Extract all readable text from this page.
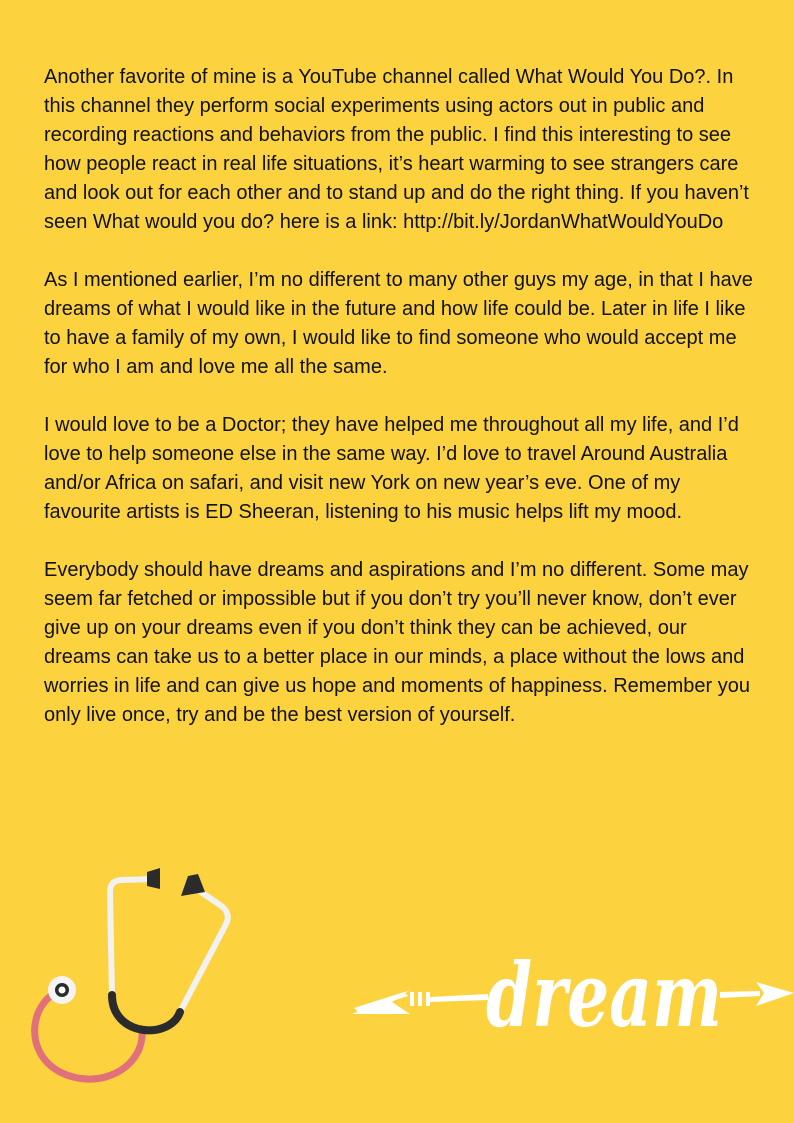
Another favorite of mine is a YouTube channel called What Would You Do?. In this channel they perform social experiments using actors out in public and recording reactions and behaviors from the public. I find this interesting to see how people react in real life situations, it’s heart warming to see strangers care and look out for each other and to stand up and do the right thing. If you haven’t seen What would you do? here is a link: http://bit.ly/JordanWhatWouldYouDo

As I mentioned earlier, I’m no different to many other guys my age, in that I have dreams of what I would like in the future and how life could be. Later in life I like to have a family of my own, I would like to find someone who would accept me for who I am and love me all the same.

I would love to be a Doctor; they have helped me throughout all my life, and I’d love to help someone else in the same way. I’d love to travel Around Australia and/or Africa on safari, and visit new York on new year’s eve. One of my favourite artists is ED Sheeran, listening to his music helps lift my mood.

Everybody should have dreams and aspirations and I’m no different. Some may seem far fetched or impossible but if you don’t try you’ll never know, don’t ever give up on your dreams even if you don’t think they can be achieved, our dreams can take us to a better place in our minds, a place without the lows and worries in life and can give us hope and moments of happiness. Remember you only live once, try and be the best version of yourself.

dream
